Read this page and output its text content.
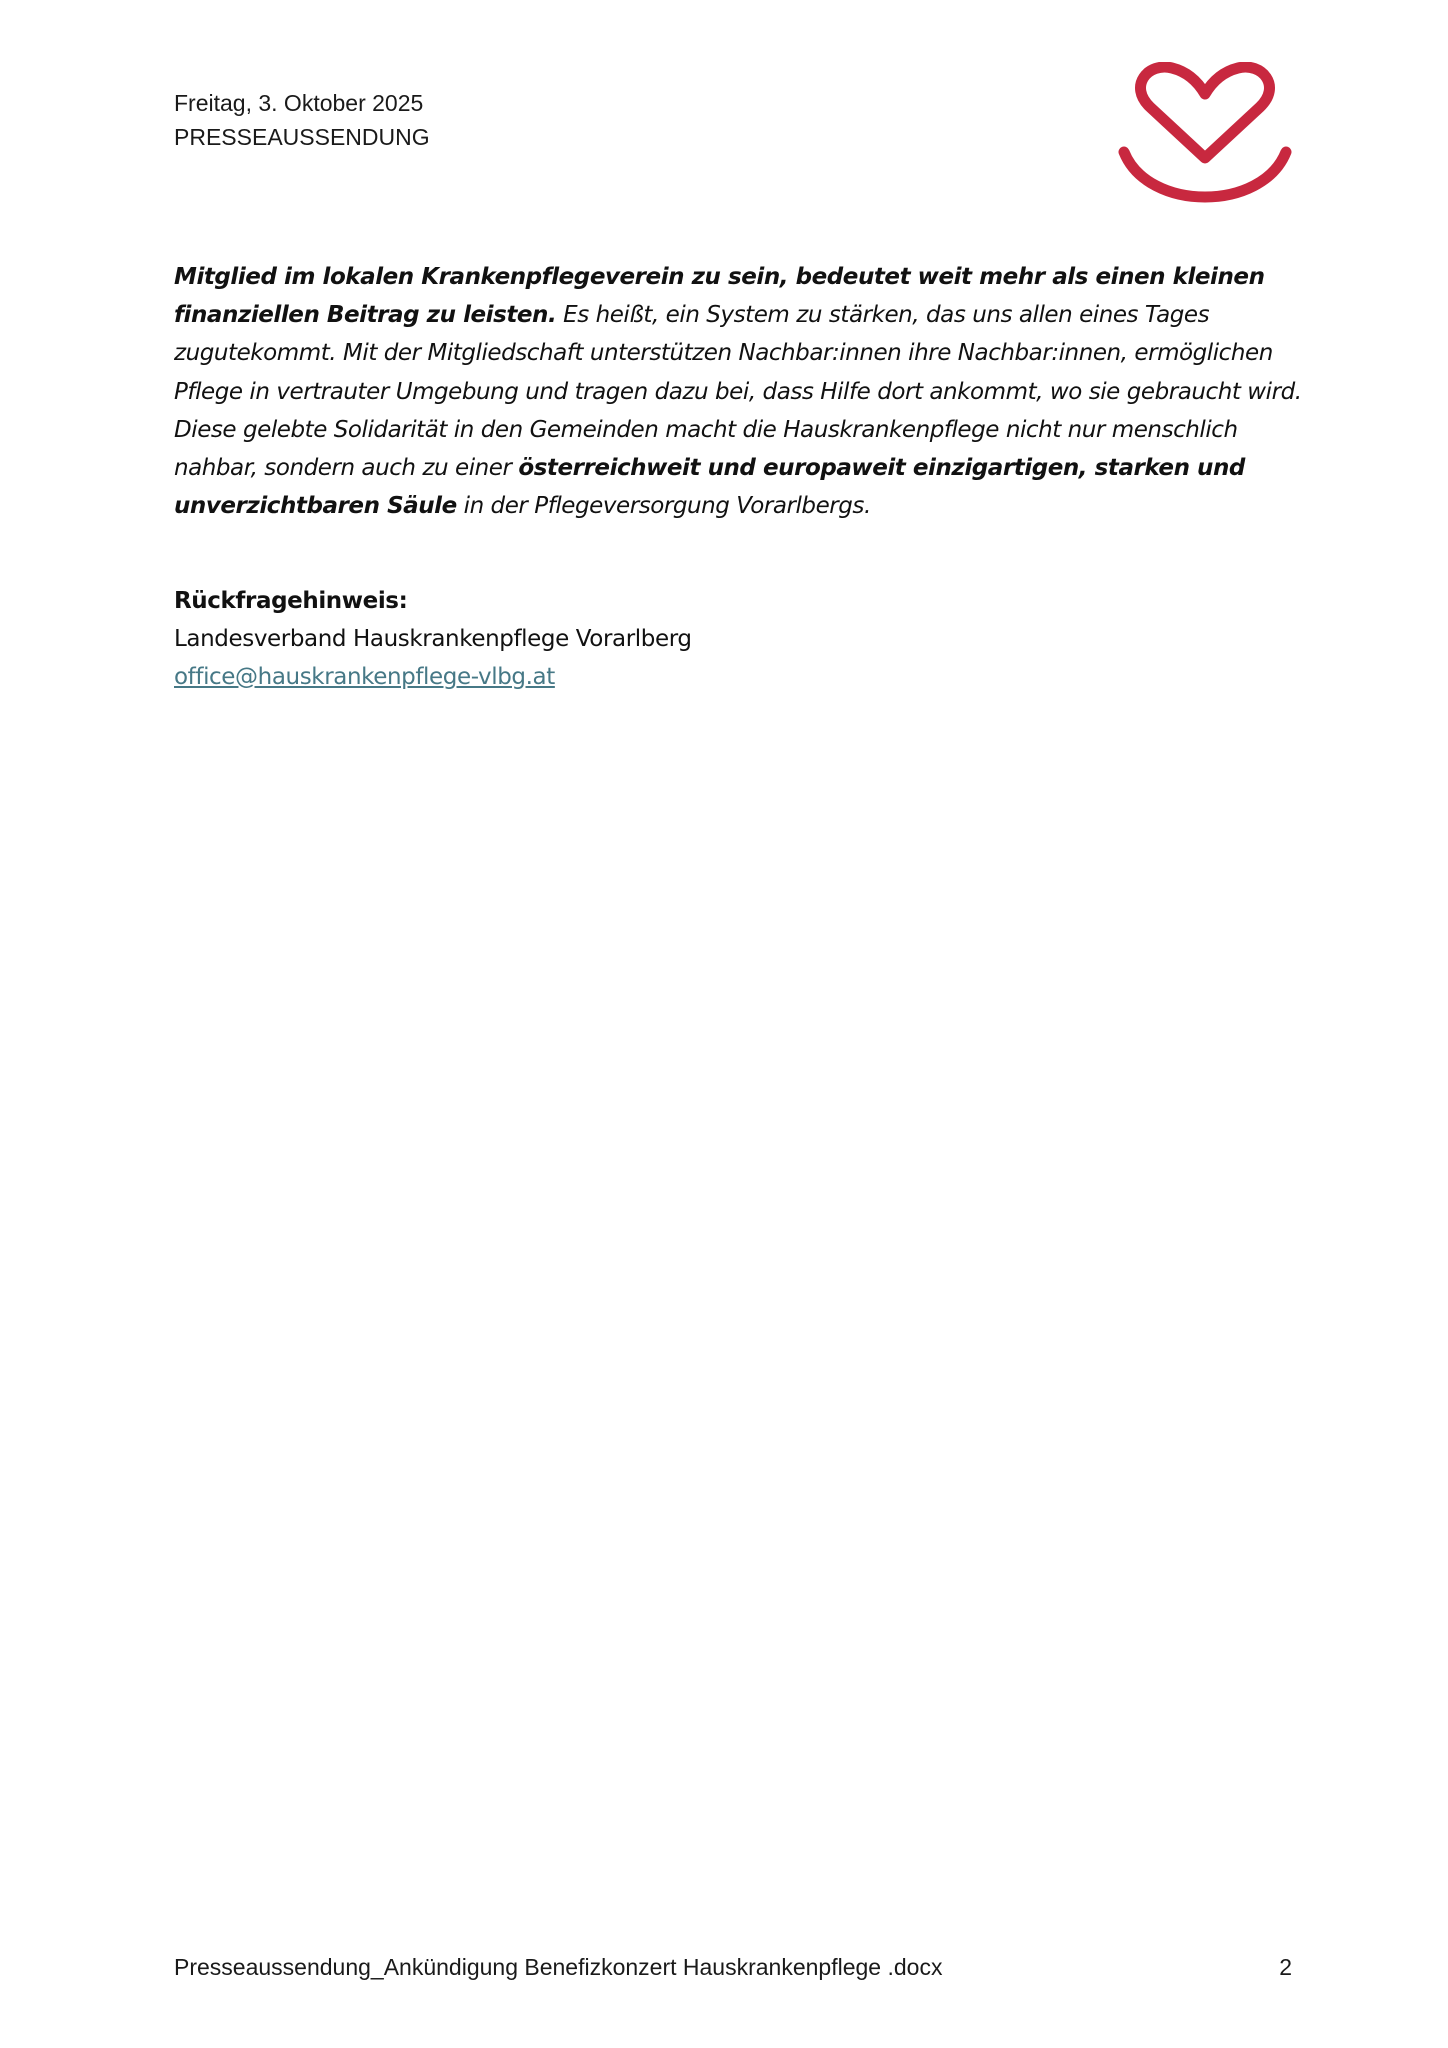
Freitag, 3. Oktober 2025
PRESSEAUSSENDUNG
Mitglied im lokalen Krankenpflegeverein zu sein, bedeutet weit mehr als einen kleinen finanziellen Beitrag zu leisten. Es heißt, ein System zu stärken, das uns allen eines Tages zugutekommt. Mit der Mitgliedschaft unterstützen Nachbar:innen ihre Nachbar:innen, ermöglichen Pflege in vertrauter Umgebung und tragen dazu bei, dass Hilfe dort ankommt, wo sie gebraucht wird. Diese gelebte Solidarität in den Gemeinden macht die Hauskrankenpflege nicht nur menschlich nahbar, sondern auch zu einer österreichweit und europaweit einzigartigen, starken und unverzichtbaren Säule in der Pflegeversorgung Vorarlbergs.
Rückfragehinweis:
Landesverband Hauskrankenpflege Vorarlberg
office@hauskrankenpflege-vlbg.at
Presseaussendung_Ankündigung Benefizkonzert Hauskrankenpflege .docx	2
